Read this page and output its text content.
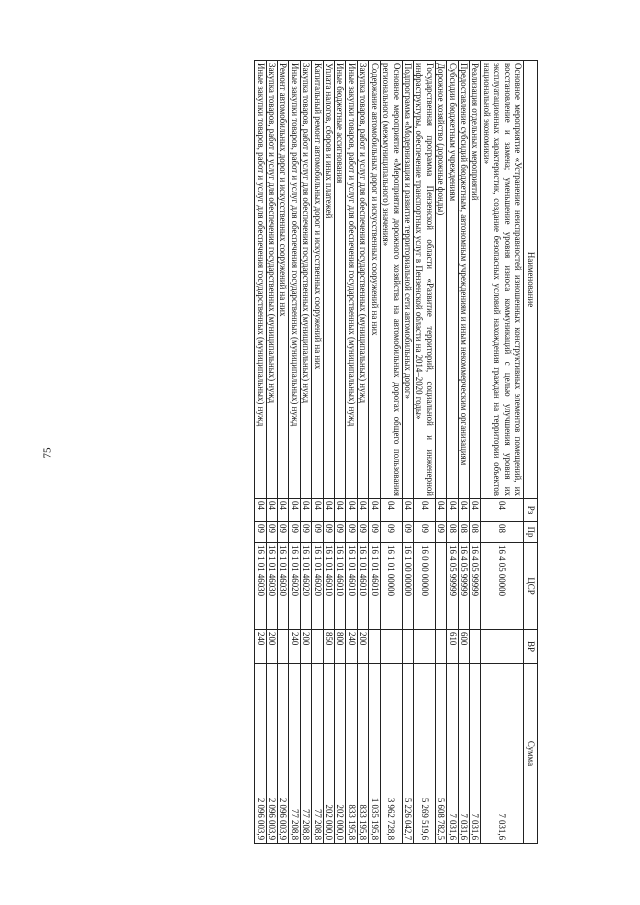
75
Наименование	Рз	Пр	ЦСР	ВР	Сумма
Основное мероприятие «Устранение неисправностей изношенных конструктивных элементов помещений, их восстановление и замена; уменьшение уровня износа коммуникаций с целью улучшения уровня их эксплуатационных характеристик, создание безопасных условий нахождения граждан на территории объектов национальной экономики»	04	08	16 4 05 00000		7 031,6
Реализация отдельных мероприятий	04	08	16 4 05 99999		7 031,6
Предоставление субсидий бюджетным, автономным учреждениям и иным некоммерческим организациям	04	08	16 4 05 99999	600	7 031,6
Субсидии бюджетным учреждениям	04	08	16 4 05 99999	610	7 031,6
Дорожное хозяйство (дорожные фонды)	04	09			5 608 782,5
Государственная программа Пензенской области «Развитие территорий, социальной и инженерной инфраструктуры, обеспечение транспортных услуг в Пензенской области на 2014–2020 годы»	04	09	16 0 00 00000		5 269 519,6
Подпрограмма «Модернизация и развитие территориальной сети автомобильных дорог»	04	09	16 1 00 00000		5 226 042,7
Основное мероприятие «Мероприятия дорожного хозяйства на автомобильных дорогах общего пользования регионального (межмуниципального) значения»	04	09	16 1 01 00000		3 962 728,8
Содержание автомобильных дорог и искусственных сооружений на них	04	09	16 1 01 46010		1 035 195,8
Закупка товаров, работ и услуг для обеспечения государственных (муниципальных) нужд	04	09	16 1 01 46010	200	833 195,8
Иные закупки товаров, работ и услуг для обеспечения государственных (муниципальных) нужд	04	09	16 1 01 46010	240	833 195,8
Иные бюджетные ассигнования	04	09	16 1 01 46010	800	202 000,0
Уплата налогов, сборов и иных платежей	04	09	16 1 01 46010	850	202 000,0
Капитальный ремонт автомобильных дорог и искусственных сооружений на них	04	09	16 1 01 46020		77 208,8
Закупка товаров, работ и услуг для обеспечения государственных (муниципальных) нужд	04	09	16 1 01 46020	200	77 208,8
Иные закупки товаров, работ и услуг для обеспечения государственных (муниципальных) нужд	04	09	16 1 01 46020	240	77 208,8
Ремонт автомобильных дорог и искусственных сооружений на них	04	09	16 1 01 46030		2 096 003,9
Закупка товаров, работ и услуг для обеспечения государственных (муниципальных) нужд	04	09	16 1 01 46030	200	2 096 003,9
Иные закупки товаров, работ и услуг для обеспечения государственных (муниципальных) нужд	04	09	16 1 01 46030	240	2 096 003,9
